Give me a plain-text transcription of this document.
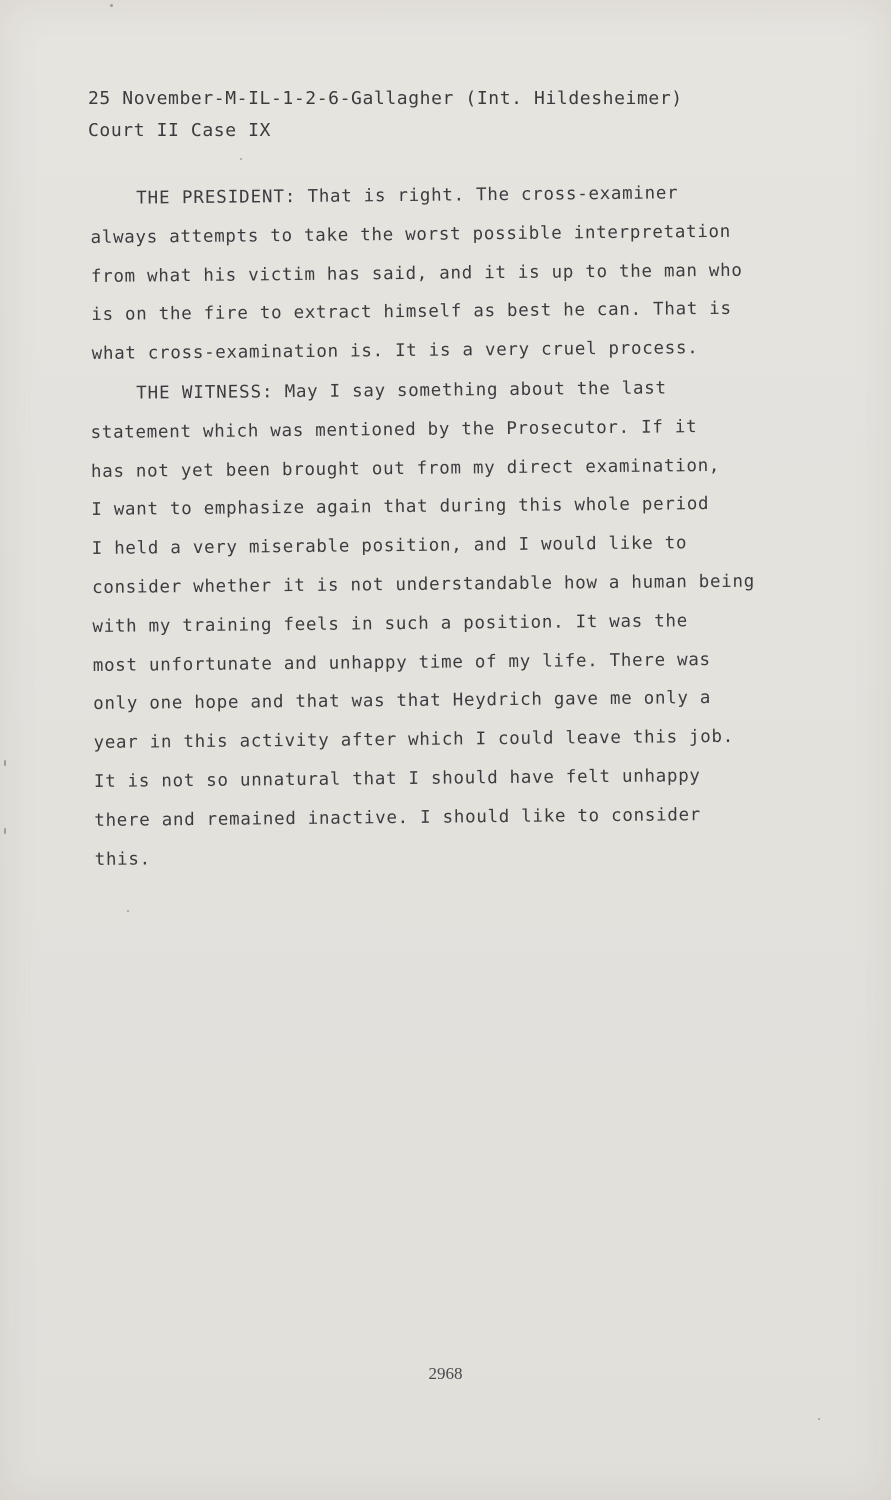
25 November-M-IL-1-2-6-Gallagher (Int. Hildesheimer)
Court II Case IX
THE PRESIDENT: That is right. The cross-examiner
always attempts to take the worst possible interpretation
from what his victim has said, and it is up to the man who
is on the fire to extract himself as best he can. That is
what cross-examination is. It is a very cruel process.
THE WITNESS: May I say something about the last
statement which was mentioned by the Prosecutor. If it
has not yet been brought out from my direct examination,
I want to emphasize again that during this whole period
I held a very miserable position, and I would like to
consider whether it is not understandable how a human being
with my training feels in such a position. It was the
most unfortunate and unhappy time of my life. There was
only one hope and that was that Heydrich gave me only a
year in this activity after which I could leave this job.
It is not so unnatural that I should have felt unhappy
there and remained inactive. I should like to consider
this.
2968
